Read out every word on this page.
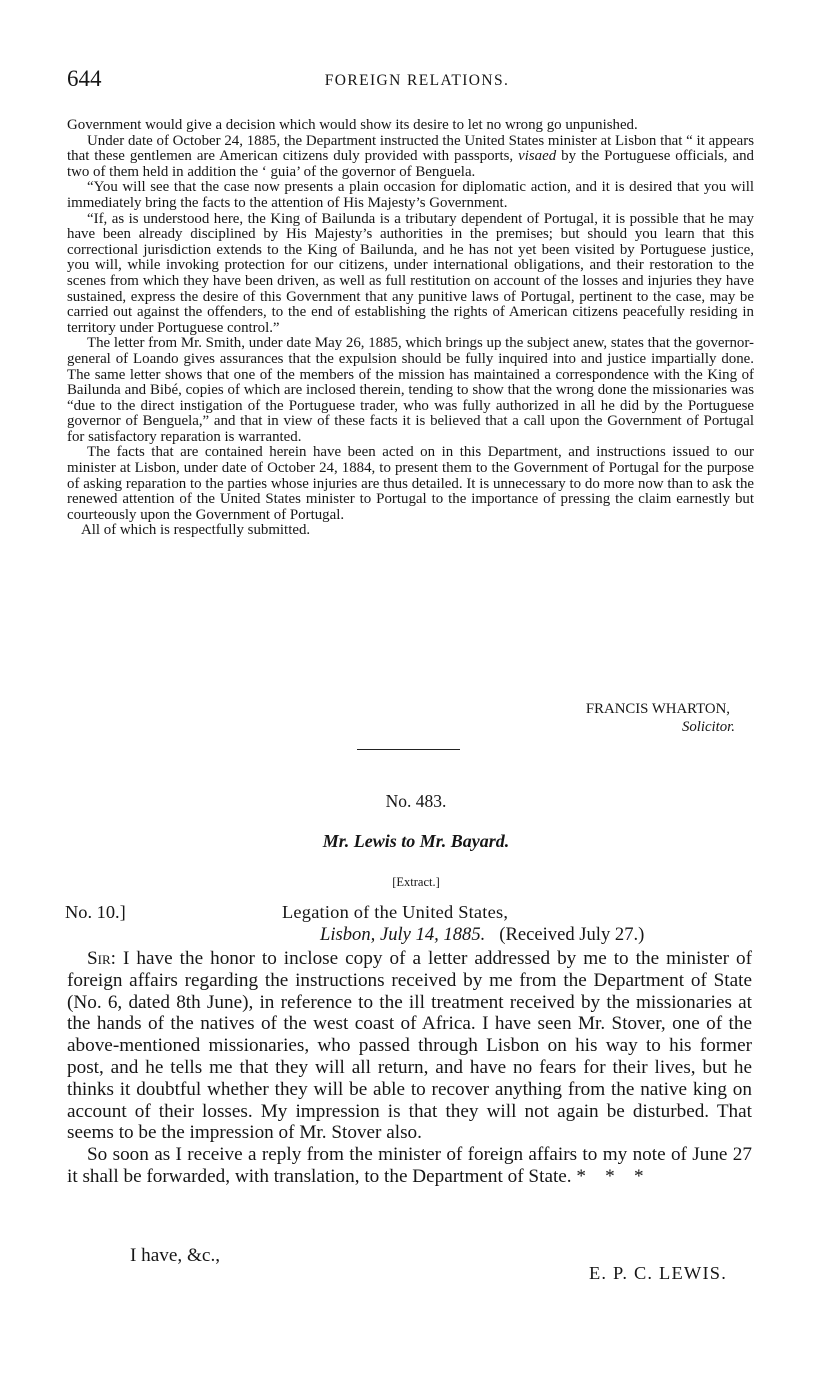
644	FOREIGN RELATIONS.

Government would give a decision which would show its desire to let no wrong go unpunished.

Under date of October 24, 1885, the Department instructed the United States minister at Lisbon that “ it appears that these gentlemen are American citizens duly provided with passports, visaed by the Portuguese officials, and two of them held in addition the ‘ guia’ of the governor of Benguela.

“You will see that the case now presents a plain occasion for diplomatic action, and it is desired that you will immediately bring the facts to the attention of His Majesty’s Government.

“If, as is understood here, the King of Bailunda is a tributary dependent of Portugal, it is possible that he may have been already disciplined by His Majesty’s authorities in the premises; but should you learn that this correctional jurisdiction extends to the King of Bailunda, and he has not yet been visited by Portuguese justice, you will, while invoking protection for our citizens, under international obligations, and their restoration to the scenes from which they have been driven, as well as full restitution on account of the losses and injuries they have sustained, express the desire of this Government that any punitive laws of Portugal, pertinent to the case, may be carried out against the offenders, to the end of establishing the rights of American citizens peacefully residing in territory under Portuguese control.”

The letter from Mr. Smith, under date May 26, 1885, which brings up the subject anew, states that the governor-general of Loando gives assurances that the expulsion should be fully inquired into and justice impartially done. The same letter shows that one of the members of the mission has maintained a correspondence with the King of Bailunda and Bibé, copies of which are inclosed therein, tending to show that the wrong done the missionaries was “due to the direct instigation of the Portuguese trader, who was fully authorized in all he did by the Portuguese governor of Benguela,” and that in view of these facts it is believed that a call upon the Government of Portugal for satisfactory reparation is warranted.

The facts that are contained herein have been acted on in this Department, and instructions issued to our minister at Lisbon, under date of October 24, 1884, to present them to the Government of Portugal for the purpose of asking reparation to the parties whose injuries are thus detailed. It is unnecessary to do more now than to ask the renewed attention of the United States minister to Portugal to the importance of pressing the claim earnestly but courteously upon the Government of Portugal.

All of which is respectfully submitted.

FRANCIS WHARTON,
Solicitor.
No. 483.
Mr. Lewis to Mr. Bayard.
[Extract.]
No. 10.]	Legation of the United States,
Lisbon, July 14, 1885. (Received July 27.)

Sir: I have the honor to inclose copy of a letter addressed by me to the minister of foreign affairs regarding the instructions received by me from the Department of State (No. 6, dated 8th June), in reference to the ill treatment received by the missionaries at the hands of the natives of the west coast of Africa. I have seen Mr. Stover, one of the above-mentioned missionaries, who passed through Lisbon on his way to his former post, and he tells me that they will all return, and have no fears for their lives, but he thinks it doubtful whether they will be able to recover anything from the native king on account of their losses. My impression is that they will not again be disturbed. That seems to be the impression of Mr. Stover also.

So soon as I receive a reply from the minister of foreign affairs to my note of June 27 it shall be forwarded, with translation, to the Department of State. * * *

I have, &c.,
E. P. C. LEWIS.
